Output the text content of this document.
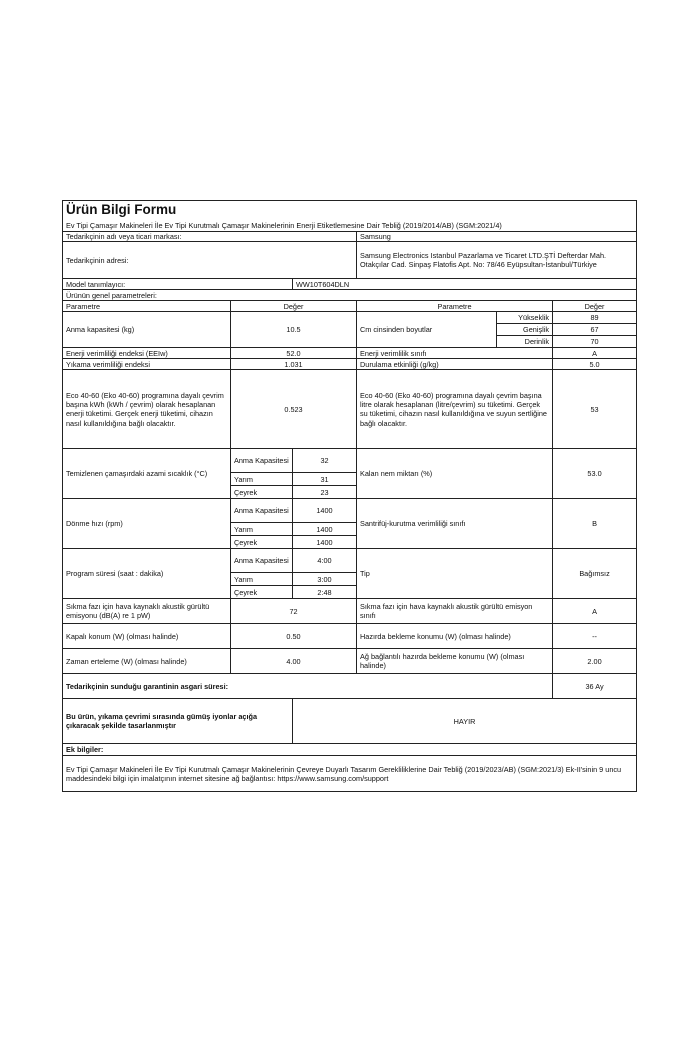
Ürün Bilgi Formu					
Ev Tipi Çamaşır Makineleri İle Ev Tipi Kurutmalı Çamaşır Makinelerinin Enerji Etiketlemesine Dair Tebliğ (2019/2014/AB) (SGM:2021/4)					
Tedarikçinin adı veya ticari markası:			Samsung		
Tedarikçinin adresi:			Samsung Electronics Istanbul Pazarlama ve Ticaret LTD.ŞTİ Defterdar Mah. Otakçılar Cad. Sinpaş Flatofis Apt. No: 78/46 Eyüpsultan-İstanbul/Türkiye		
Model tanımlayıcı:		WW10T604DLN			
Ürünün genel parametreleri:					
Parametre	Değer		Parametre		Değer
Anma kapasitesi (kg)	10.5		Cm cinsinden boyutlar	Yükseklik	89
				Genişlik	67
				Derinlik	70
Enerji verimliliği endeksi (EEIw)	52.0		Enerji verimlilik sınıfı		A
Yıkama verimliliği endeksi	1.031		Durulama etkinliği (g/kg)		5.0
Eco 40-60 (Eko 40-60) programına dayalı çevrim başına kWh (kWh / çevrim) olarak hesaplanan enerji tüketimi. Gerçek enerji tüketimi, cihazın nasıl kullanıldığına bağlı olacaktır.	0.523		Eco 40-60 (Eko 40-60) programına dayalı çevrim başına litre olarak hesaplanan (litre/çevrim) su tüketimi. Gerçek su tüketimi, cihazın nasıl kullanıldığına ve suyun sertliğine bağlı olacaktır.		53
Temizlenen çamaşırdaki azami sıcaklık (°C)	Anma Kapasitesi	32	Kalan nem miktarı (%)		53.0
	Yarım	31			
	Çeyrek	23			
Dönme hızı (rpm)	Anma Kapasitesi	1400	Santrifüj-kurutma verimliliği sınıfı		B
	Yarım	1400			
	Çeyrek	1400			
Program süresi (saat : dakika)	Anma Kapasitesi	4:00	Tip		Bağımsız
	Yarım	3:00			
	Çeyrek	2:48			
Sıkma fazı için hava kaynaklı akustik gürültü emisyonu (dB(A) re 1 pW)	72		Sıkma fazı için hava kaynaklı akustik gürültü emisyon sınıfı		A
Kapalı konum (W) (olması halinde)	0.50		Hazırda bekleme konumu (W) (olması halinde)		--
Zaman erteleme (W) (olması halinde)	4.00		Ağ bağlantılı hazırda bekleme konumu (W) (olması halinde)		2.00
Tedarikçinin sunduğu garantinin asgari süresi:					36 Ay
Bu ürün, yıkama çevrimi sırasında gümüş iyonlar açığa çıkaracak şekilde tasarlanmıştır		HAYIR			
Ek bilgiler:					
Ev Tipi Çamaşır Makineleri İle Ev Tipi Kurutmalı Çamaşır Makinelerinin Çevreye Duyarlı Tasarım Gerekliliklerine Dair Tebliğ (2019/2023/AB) (SGM:2021/3) Ek-II'sinin 9 uncu maddesindeki bilgi için imalatçının internet sitesine ağ bağlantısı: https://www.samsung.com/support					
